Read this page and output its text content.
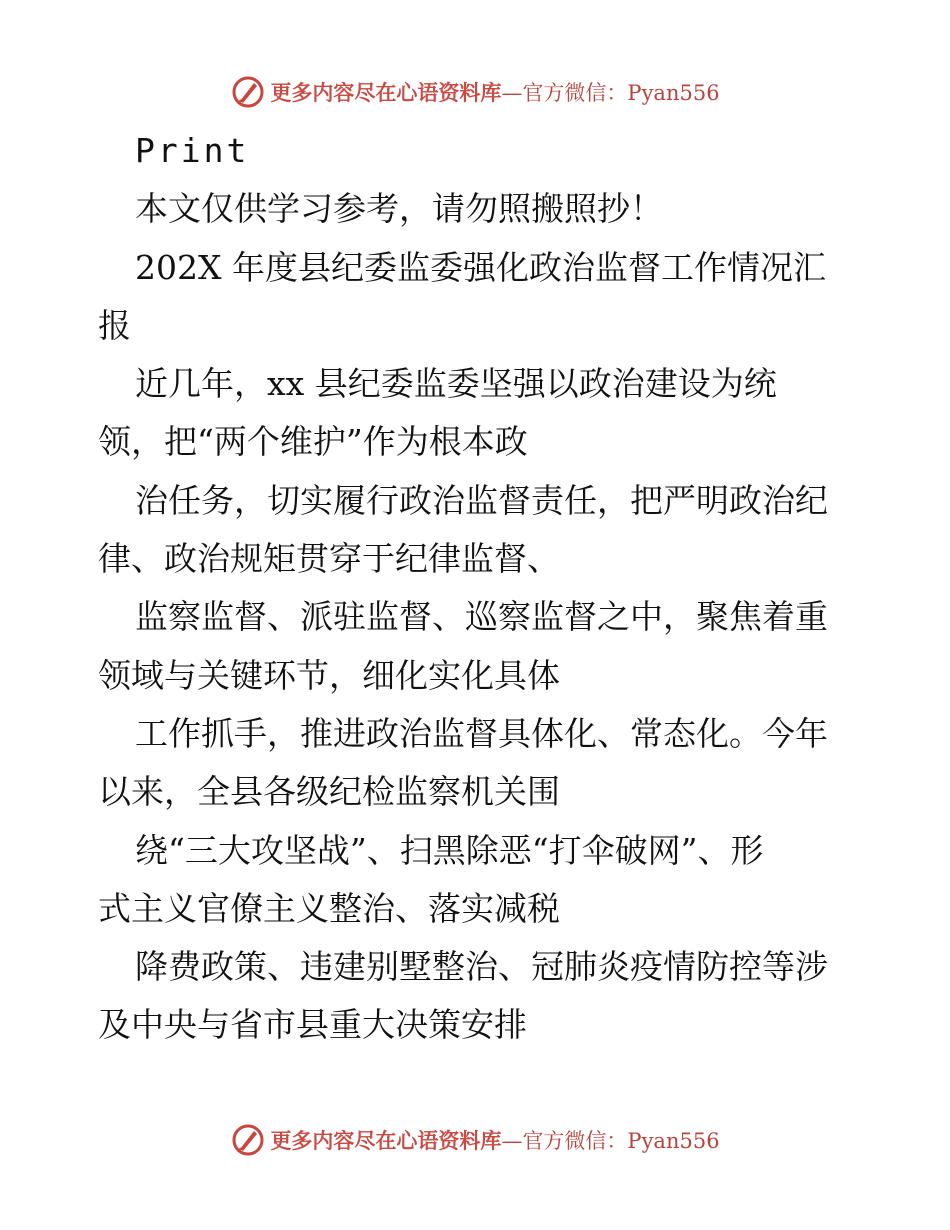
更多内容尽在心语资料库—官方微信：Pyan556
Print
本文仅供学习参考，请勿照搬照抄！
202X 年度县纪委监委强化政治监督工作情况汇
报
近几年，xx 县纪委监委坚强以政治建设为统
领，把“两个维护”作为根本政
治任务，切实履行政治监督责任，把严明政治纪
律、政治规矩贯穿于纪律监督、
监察监督、派驻监督、巡察监督之中，聚焦着重
领域与关键环节，细化实化具体
工作抓手，推进政治监督具体化、常态化。今年
以来，全县各级纪检监察机关围
绕“三大攻坚战”、扫黑除恶“打伞破网”、形
式主义官僚主义整治、落实减税
降费政策、违建别墅整治、冠肺炎疫情防控等涉
及中央与省市县重大决策安排
更多内容尽在心语资料库—官方微信：Pyan556
